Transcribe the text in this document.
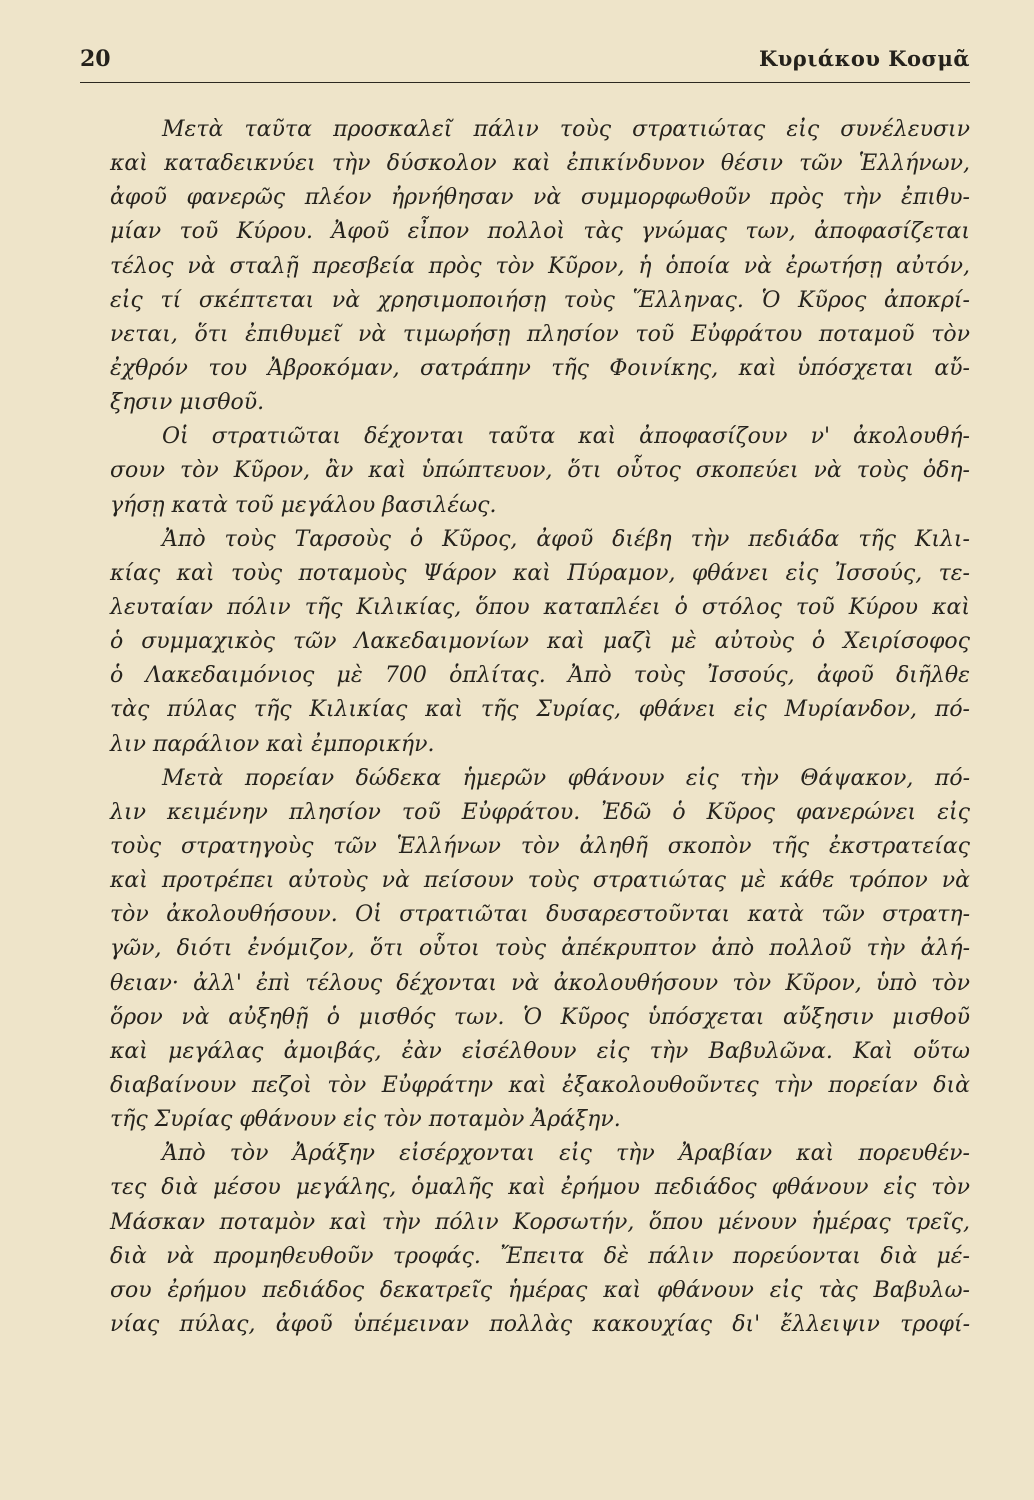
20	Κυριάκου Κοσμᾶ
Μετὰ ταῦτα προσκαλεῖ πάλιν τοὺς στρατιώτας εἰς συνέλευσιν
καὶ καταδεικνύει τὴν δύσκολον καὶ ἐπικίνδυνον θέσιν τῶν Ἑλλήνων,
ἀφοῦ φανερῶς πλέον ἠρνήθησαν νὰ συμμορφωθοῦν πρὸς τὴν ἐπιθυ-
μίαν τοῦ Κύρου. Ἀφοῦ εἶπον πολλοὶ τὰς γνώμας των, ἀποφασίζεται
τέλος νὰ σταλῇ πρεσβεία πρὸς τὸν Κῦρον, ἡ ὁποία νὰ ἐρωτήσῃ αὐτόν,
εἰς τί σκέπτεται νὰ χρησιμοποιήσῃ τοὺς Ἕλληνας. Ὁ Κῦρος ἀποκρί-
νεται, ὅτι ἐπιθυμεῖ νὰ τιμωρήσῃ πλησίον τοῦ Εὐφράτου ποταμοῦ τὸν
ἐχθρόν του Ἀβροκόμαν, σατράπην τῆς Φοινίκης, καὶ ὑπόσχεται αὔ-
ξησιν μισθοῦ.
Οἱ στρατιῶται δέχονται ταῦτα καὶ ἀποφασίζουν ν' ἀκολουθή-
σουν τὸν Κῦρον, ἂν καὶ ὑπώπτευον, ὅτι οὗτος σκοπεύει νὰ τοὺς ὁδη-
γήσῃ κατὰ τοῦ μεγάλου βασιλέως.
Ἀπὸ τοὺς Ταρσοὺς ὁ Κῦρος, ἀφοῦ διέβη τὴν πεδιάδα τῆς Κιλι-
κίας καὶ τοὺς ποταμοὺς Ψάρον καὶ Πύραμον, φθάνει εἰς Ἰσσούς, τε-
λευταίαν πόλιν τῆς Κιλικίας, ὅπου καταπλέει ὁ στόλος τοῦ Κύρου καὶ
ὁ συμμαχικὸς τῶν Λακεδαιμονίων καὶ μαζὶ μὲ αὐτοὺς ὁ Χειρίσοφος
ὁ Λακεδαιμόνιος μὲ 700 ὁπλίτας. Ἀπὸ τοὺς Ἰσσούς, ἀφοῦ διῆλθε
τὰς πύλας τῆς Κιλικίας καὶ τῆς Συρίας, φθάνει εἰς Μυρίανδον, πό-
λιν παράλιον καὶ ἐμπορικήν.
Μετὰ πορείαν δώδεκα ἡμερῶν φθάνουν εἰς τὴν Θάψακον, πό-
λιν κειμένην πλησίον τοῦ Εὐφράτου. Ἐδῶ ὁ Κῦρος φανερώνει εἰς
τοὺς στρατηγοὺς τῶν Ἑλλήνων τὸν ἀληθῆ σκοπὸν τῆς ἐκστρατείας
καὶ προτρέπει αὐτοὺς νὰ πείσουν τοὺς στρατιώτας μὲ κάθε τρόπον νὰ
τὸν ἀκολουθήσουν. Οἱ στρατιῶται δυσαρεστοῦνται κατὰ τῶν στρατη-
γῶν, διότι ἐνόμιζον, ὅτι οὗτοι τοὺς ἀπέκρυπτον ἀπὸ πολλοῦ τὴν ἀλή-
θειαν· ἀλλ' ἐπὶ τέλους δέχονται νὰ ἀκολουθήσουν τὸν Κῦρον, ὑπὸ τὸν
ὅρον νὰ αὐξηθῇ ὁ μισθός των. Ὁ Κῦρος ὑπόσχεται αὔξησιν μισθοῦ
καὶ μεγάλας ἀμοιβάς, ἐὰν εἰσέλθουν εἰς τὴν Βαβυλῶνα. Καὶ οὕτω
διαβαίνουν πεζοὶ τὸν Εὐφράτην καὶ ἐξακολουθοῦντες τὴν πορείαν διὰ
τῆς Συρίας φθάνουν εἰς τὸν ποταμὸν Ἀράξην.
Ἀπὸ τὸν Ἀράξην εἰσέρχονται εἰς τὴν Ἀραβίαν καὶ πορευθέν-
τες διὰ μέσου μεγάλης, ὁμαλῆς καὶ ἐρήμου πεδιάδος φθάνουν εἰς τὸν
Μάσκαν ποταμὸν καὶ τὴν πόλιν Κορσωτήν, ὅπου μένουν ἡμέρας τρεῖς,
διὰ νὰ προμηθευθοῦν τροφάς. Ἔπειτα δὲ πάλιν πορεύονται διὰ μέ-
σου ἐρήμου πεδιάδος δεκατρεῖς ἡμέρας καὶ φθάνουν εἰς τὰς Βαβυλω-
νίας πύλας, ἀφοῦ ὑπέμειναν πολλὰς κακουχίας δι' ἔλλειψιν τροφί-
